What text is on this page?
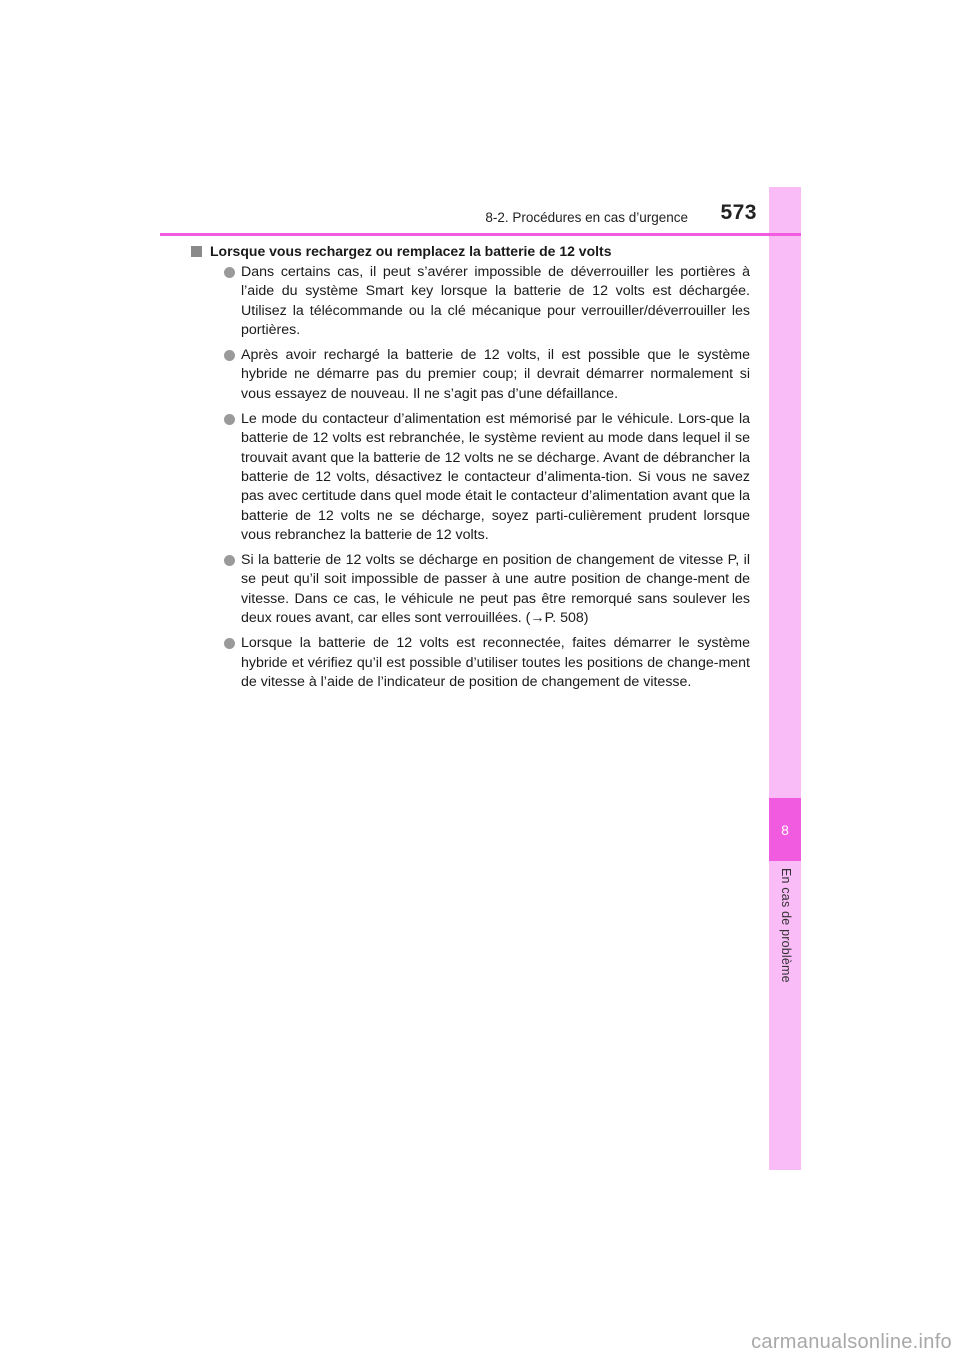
8
En cas de problème
8-2. Procédures en cas d’urgence 573
Lorsque vous rechargez ou remplacez la batterie de 12 volts
Dans certains cas, il peut s’avérer impossible de déverrouiller les portières à l’aide du système Smart key lorsque la batterie de 12 volts est déchargée. Utilisez la télécommande ou la clé mécanique pour verrouiller/déverrouiller les portières.
Après avoir rechargé la batterie de 12 volts, il est possible que le système hybride ne démarre pas du premier coup; il devrait démarrer normalement si vous essayez de nouveau. Il ne s’agit pas d’une défaillance.
Le mode du contacteur d’alimentation est mémorisé par le véhicule. Lors-que la batterie de 12 volts est rebranchée, le système revient au mode dans lequel il se trouvait avant que la batterie de 12 volts ne se décharge. Avant de débrancher la batterie de 12 volts, désactivez le contacteur d’alimenta-tion. Si vous ne savez pas avec certitude dans quel mode était le contacteur d’alimentation avant que la batterie de 12 volts ne se décharge, soyez parti-culièrement prudent lorsque vous rebranchez la batterie de 12 volts.
Si la batterie de 12 volts se décharge en position de changement de vitesse P, il se peut qu’il soit impossible de passer à une autre position de change-ment de vitesse. Dans ce cas, le véhicule ne peut pas être remorqué sans soulever les deux roues avant, car elles sont verrouillées. (→P. 508)
Lorsque la batterie de 12 volts est reconnectée, faites démarrer le système hybride et vérifiez qu’il est possible d’utiliser toutes les positions de change-ment de vitesse à l’aide de l’indicateur de position de changement de vitesse.
carmanualsonline.info
